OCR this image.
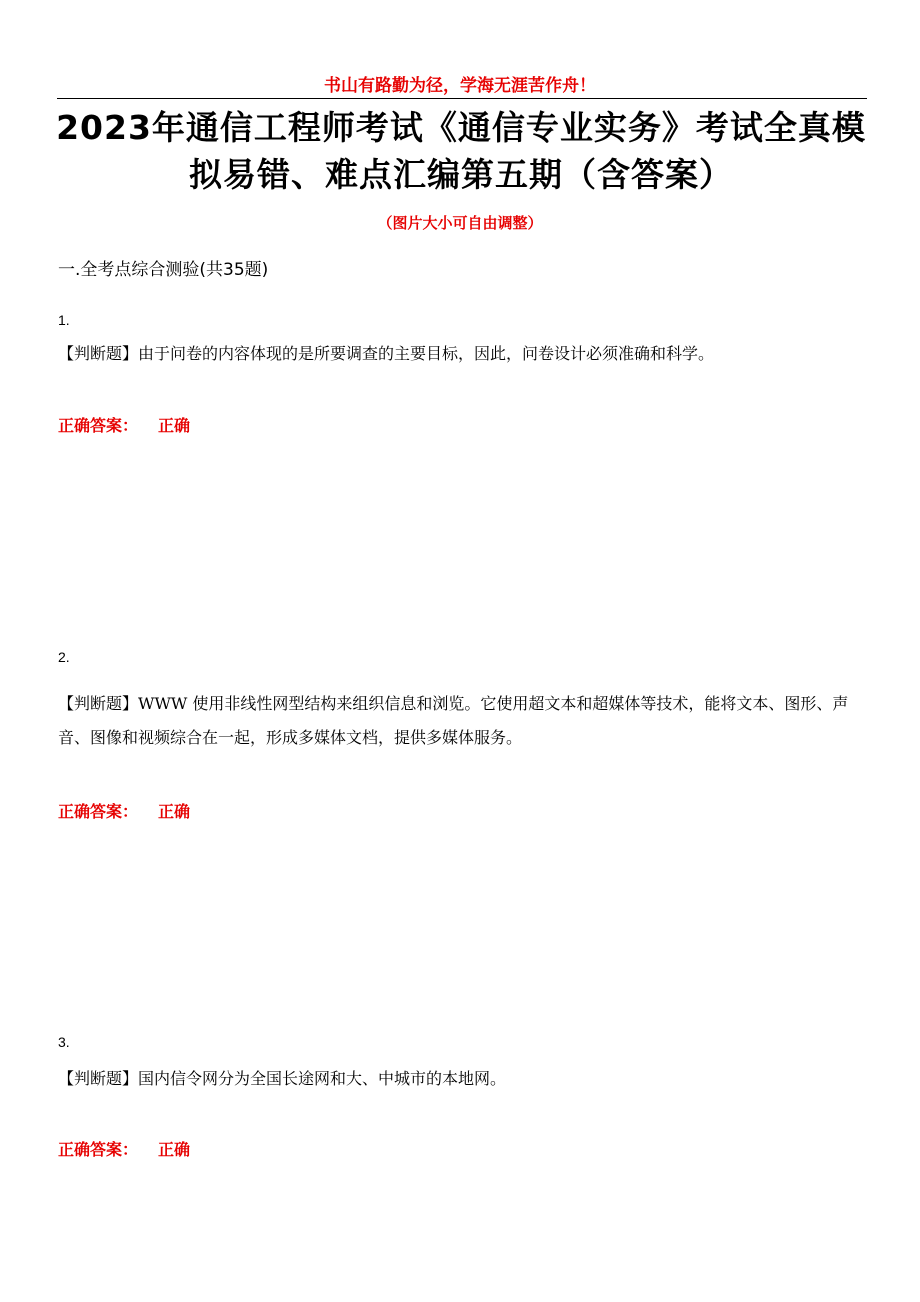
书山有路勤为径，学海无涯苦作舟！
2023年通信工程师考试《通信专业实务》考试全真模拟易错、难点汇编第五期（含答案）
（图片大小可自由调整）
一.全考点综合测验(共35题)
1.
【判断题】由于问卷的内容体现的是所要调查的主要目标，因此，问卷设计必须准确和科学。
正确答案： 正确
2.
【判断题】WWW 使用非线性网型结构来组织信息和浏览。它使用超文本和超媒体等技术，能将文本、图形、声音、图像和视频综合在一起，形成多媒体文档，提供多媒体服务。
正确答案： 正确
3.
【判断题】国内信令网分为全国长途网和大、中城市的本地网。
正确答案： 正确
